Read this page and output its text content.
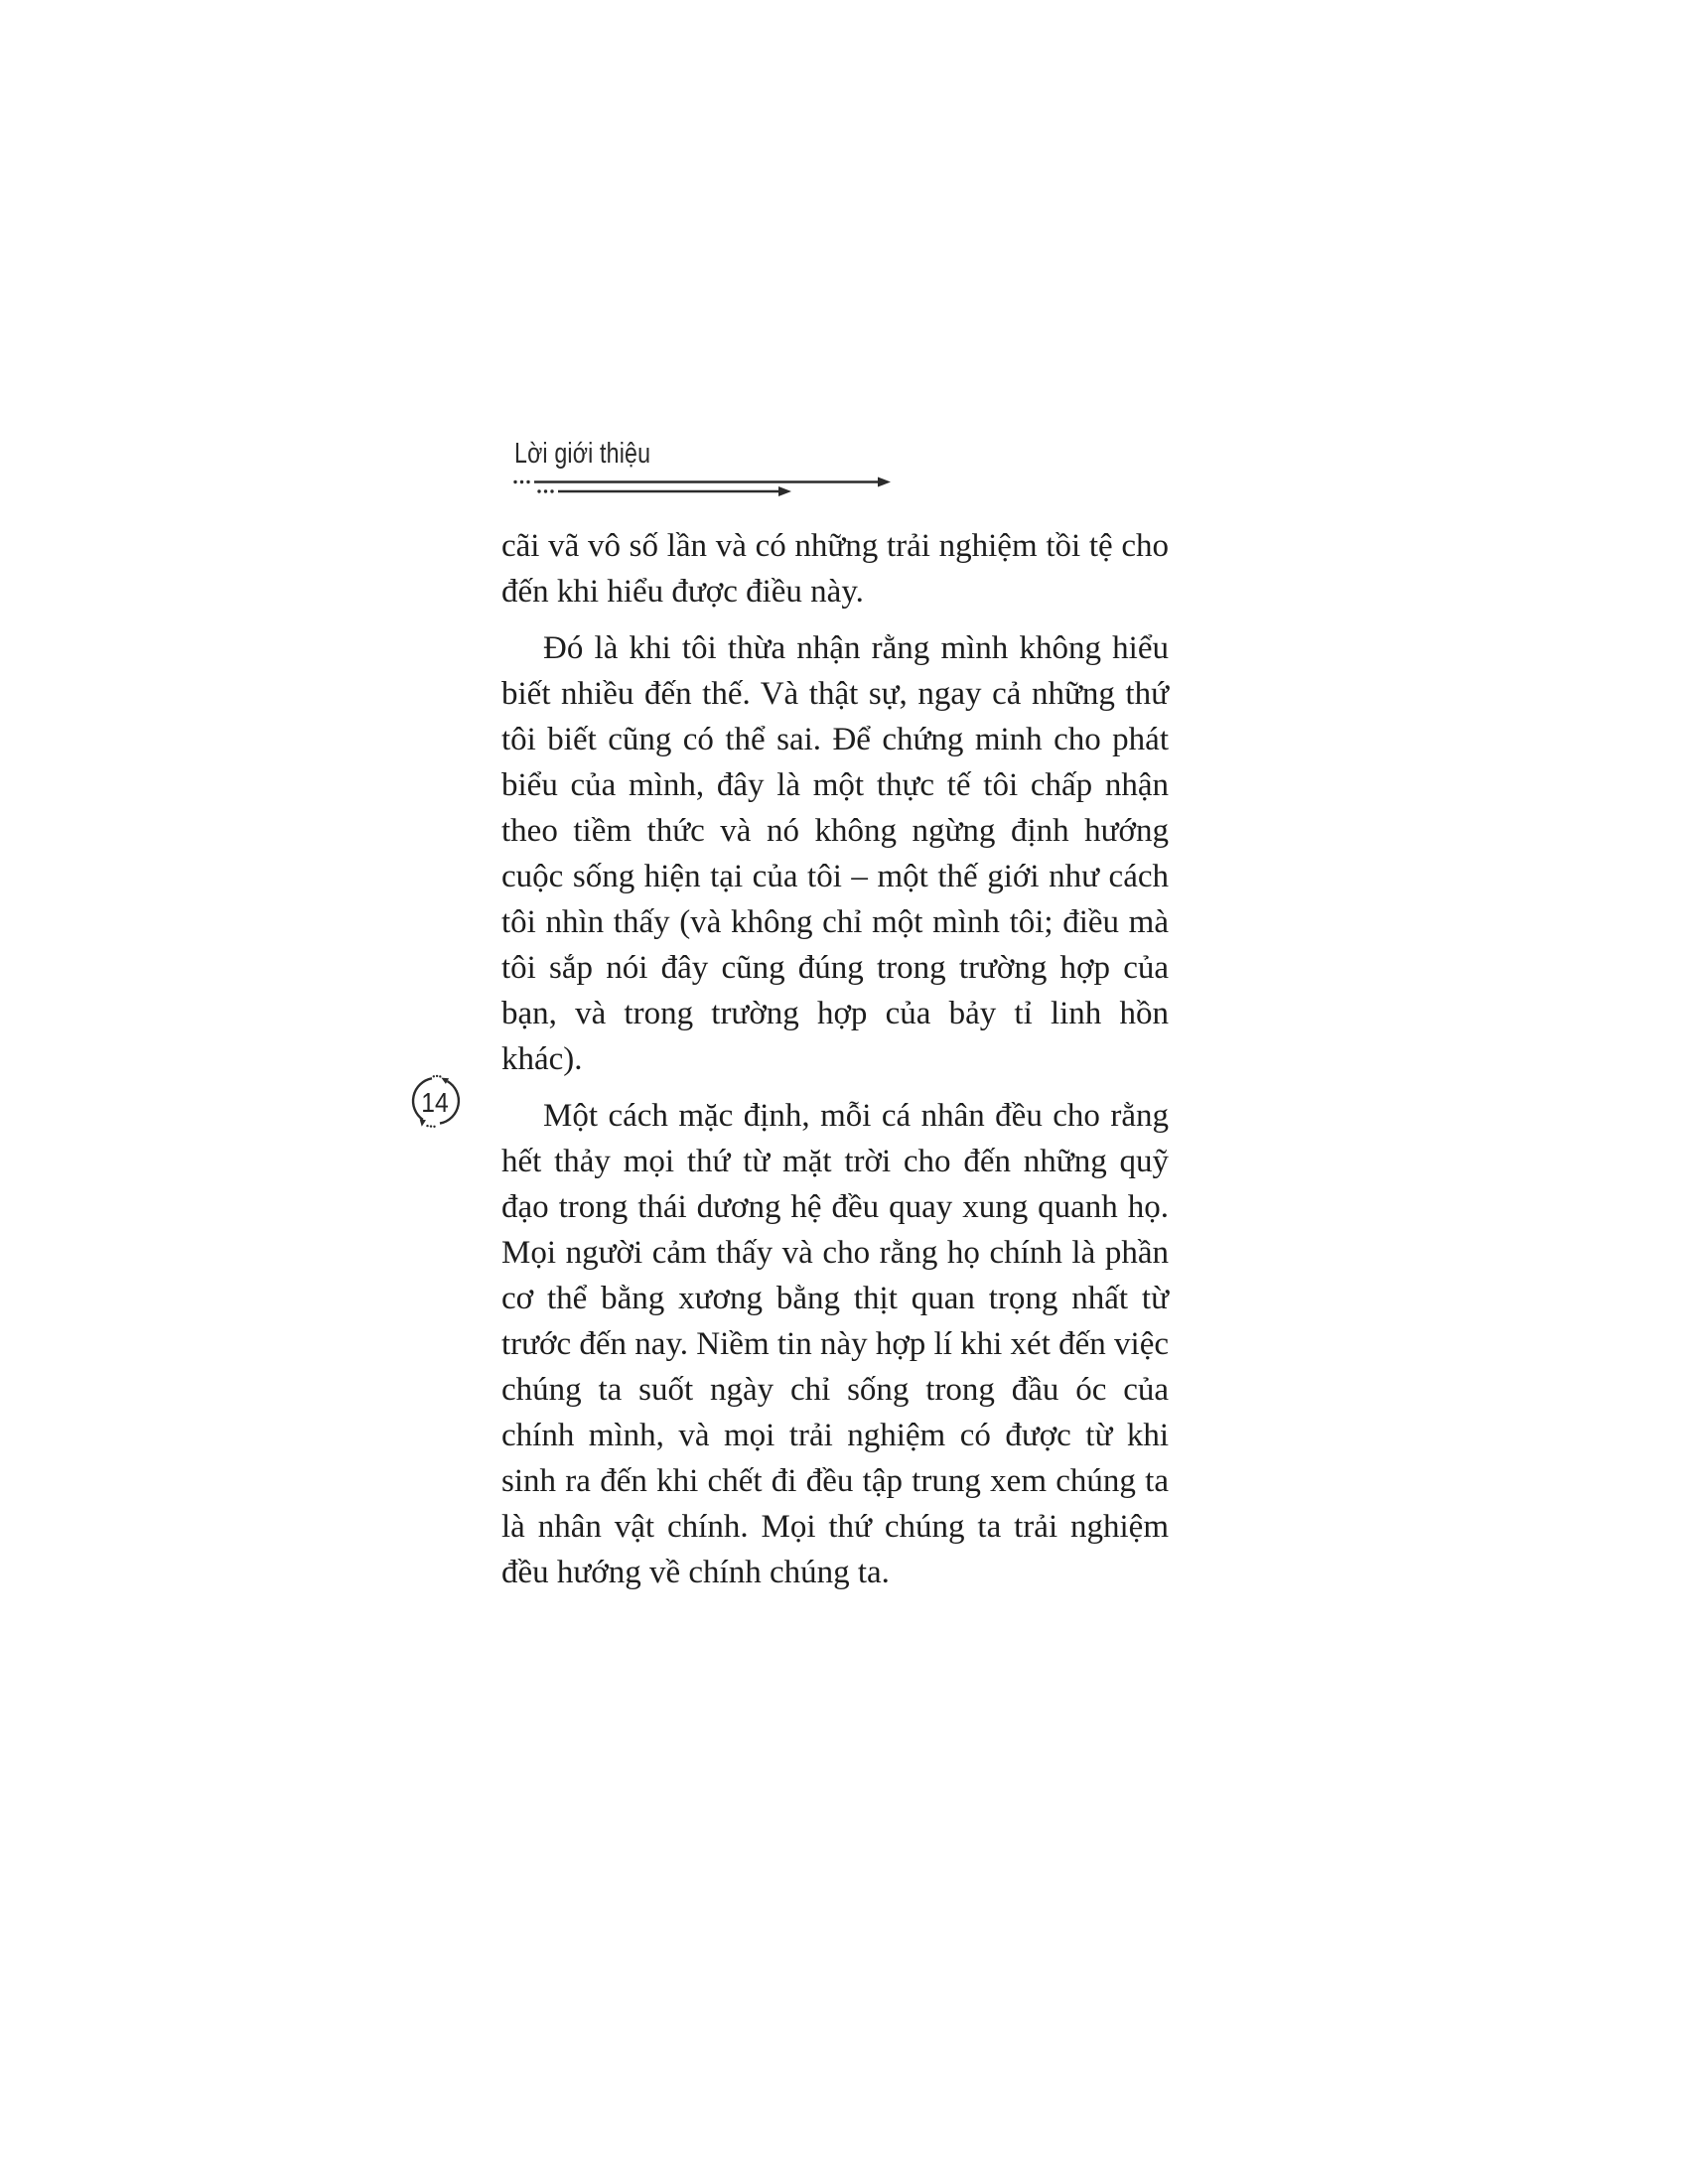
Lời giới thiệu
14

cãi vã vô số lần và có những trải nghiệm tồi tệ cho đến khi hiểu được điều này.

Đó là khi tôi thừa nhận rằng mình không hiểu biết nhiều đến thế. Và thật sự, ngay cả những thứ tôi biết cũng có thể sai. Để chứng minh cho phát biểu của mình, đây là một thực tế tôi chấp nhận theo tiềm thức và nó không ngừng định hướng cuộc sống hiện tại của tôi – một thế giới như cách tôi nhìn thấy (và không chỉ một mình tôi; điều mà tôi sắp nói đây cũng đúng trong trường hợp của bạn, và trong trường hợp của bảy tỉ linh hồn khác).

Một cách mặc định, mỗi cá nhân đều cho rằng hết thảy mọi thứ từ mặt trời cho đến những quỹ đạo trong thái dương hệ đều quay xung quanh họ. Mọi người cảm thấy và cho rằng họ chính là phần cơ thể bằng xương bằng thịt quan trọng nhất từ trước đến nay. Niềm tin này hợp lí khi xét đến việc chúng ta suốt ngày chỉ sống trong đầu óc của chính mình, và mọi trải nghiệm có được từ khi sinh ra đến khi chết đi đều tập trung xem chúng ta là nhân vật chính. Mọi thứ chúng ta trải nghiệm đều hướng về chính chúng ta.
